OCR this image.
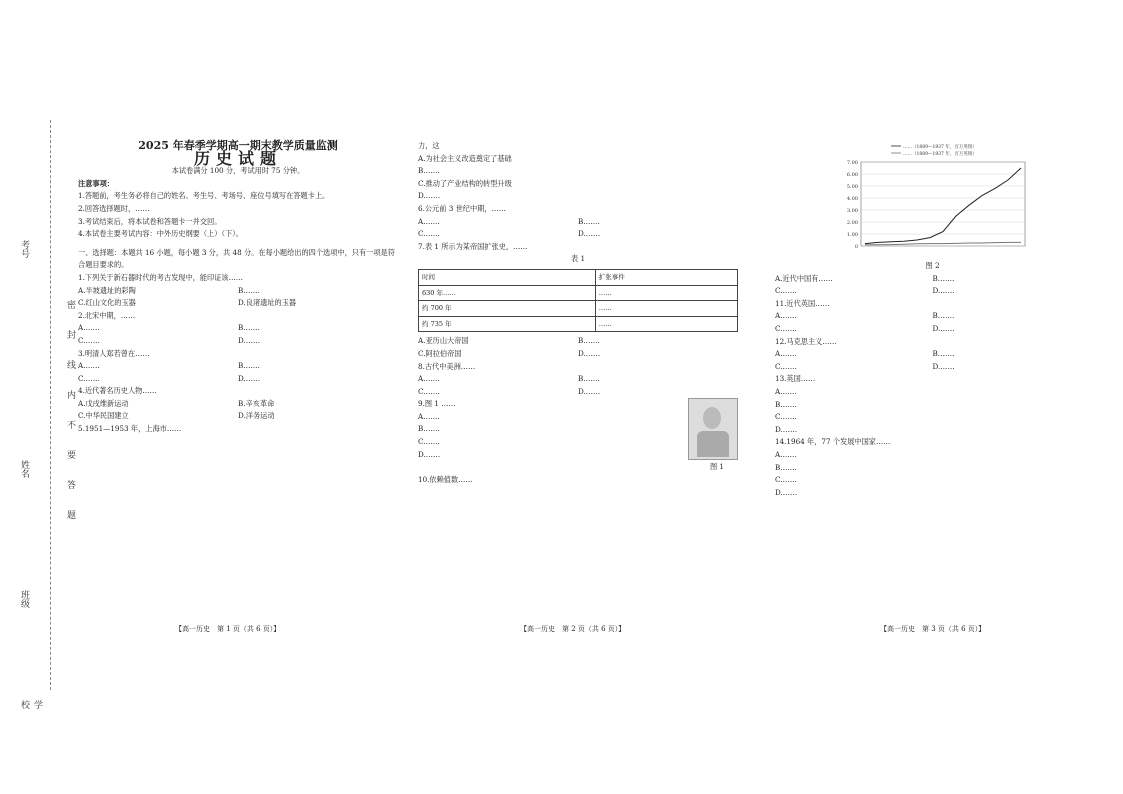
考号
姓名
班级
学校
密
封
线
内
不
要
答
题

2025 年春季学期高一期末教学质量监测

历史试题

本试卷满分 100 分，考试用时 75 分钟。

注意事项：

1.答题前，考生务必将自己的姓名、考生号、考场号、座位号填写在答题卡上。

2.回答选择题时，……

3.考试结束后，将本试卷和答题卡一并交回。

4.本试卷主要考试内容：中外历史纲要（上）（下）。

一、选择题：本题共 16 小题，每小题 3 分，共 48 分。在每小题给出的四个选项中，只有一项是符合题目要求的。

1.下列关于新石器时代的考古发现中，能印证该……

A.半坡遗址的彩陶	B.……
C.红山文化的玉器	D.良渚遗址的玉器

2.北宋中期，……

A.……	B.……
C.……	D.……

3.明清人郑若曾在……

A.……	B.……
C.……	D.……

4.近代著名历史人物……

A.戊戌维新运动	B.辛亥革命
C.中华民国建立	D.洋务运动

5.1951—1953 年，上海市……

力，这

A.为社会主义改造奠定了基础

B.……

C.推动了产业结构的转型升级

D.……

6.公元前 3 世纪中期，……

A.……	B.……
C.……	D.……

7.表 1 所示为某帝国扩张史，……

表 1

时间	扩张事件
630 年……	……
约 700 年	……
约 735 年	……
A.亚历山大帝国	B.……
C.阿拉伯帝国	D.……

8.古代中美洲……

A.……	B.……
C.……	D.……

9.图 1 ……

A.……

B.……

C.……

D.……

图 1

10.依赖值数……

7.00
6.00
5.00
4.00
3.00
2.00
1.00
0
……（1889—1937 年，百万英镑）
……（1889—1937 年，百万英镑）

图 2

A.近代中国有……	B.……
C.……	D.……

11.近代英国……

A.……	B.……
C.……	D.……

12.马克思主义……

A.……	B.……
C.……	D.……

13.英国……

A.……

B.……

C.……

D.……

14.1964 年，77 个发展中国家……

A.……

B.……

C.……

D.……

【高一历史　第 1 页（共 6 页）】	【高一历史　第 2 页（共 6 页）】	【高一历史　第 3 页（共 6 页）】
